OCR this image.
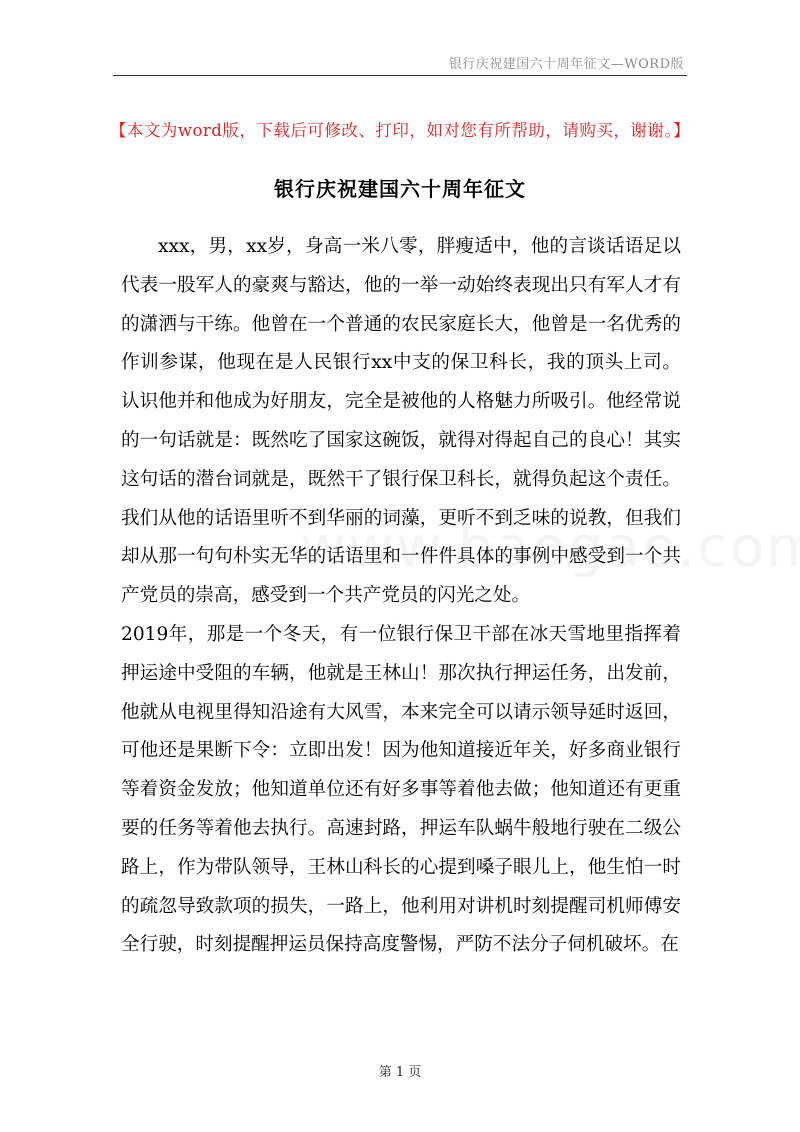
银行庆祝建国六十周年征文—WORD版
【本文为word版，下载后可修改、打印，如对您有所帮助，请购买，谢谢。】
银行庆祝建国六十周年征文

xxx，男，xx岁，身高一米八零，胖瘦适中，他的言谈话语足以代表一股军人的豪爽与豁达，他的一举一动始终表现出只有军人才有的潇洒与干练。他曾在一个普通的农民家庭长大，他曾是一名优秀的作训参谋，他现在是人民银行xx中支的保卫科长，我的顶头上司。认识他并和他成为好朋友，完全是被他的人格魅力所吸引。他经常说的一句话就是：既然吃了国家这碗饭，就得对得起自己的良心！其实这句话的潜台词就是，既然干了银行保卫科长，就得负起这个责任。我们从他的话语里听不到华丽的词藻，更听不到乏味的说教，但我们却从那一句句朴实无华的话语里和一件件具体的事例中感受到一个共产党员的崇高，感受到一个共产党员的闪光之处。

2019年，那是一个冬天，有一位银行保卫干部在冰天雪地里指挥着押运途中受阻的车辆，他就是王林山！那次执行押运任务，出发前，他就从电视里得知沿途有大风雪，本来完全可以请示领导延时返回，可他还是果断下令：立即出发！因为他知道接近年关，好多商业银行等着资金发放；他知道单位还有好多事等着他去做；他知道还有更重要的任务等着他去执行。高速封路，押运车队蜗牛般地行驶在二级公路上，作为带队领导，王林山科长的心提到嗓子眼儿上，他生怕一时的疏忽导致款项的损失，一路上，他利用对讲机时刻提醒司机师傅安全行驶，时刻提醒押运员保持高度警惕，严防不法分子伺机破坏。在

第 1 页
